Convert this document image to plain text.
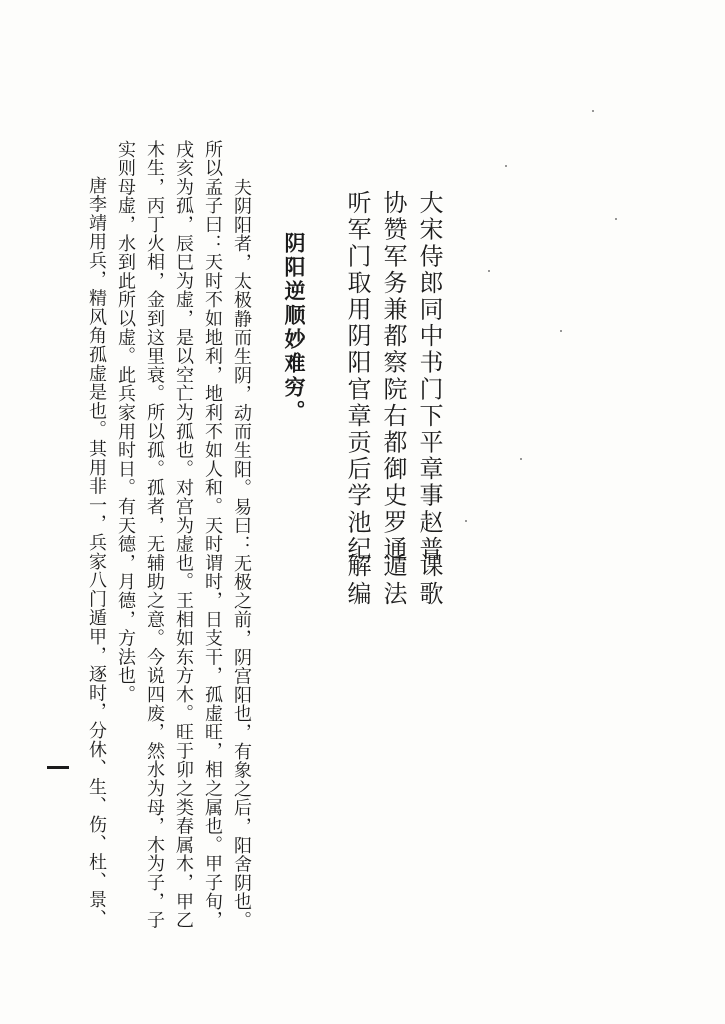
大宋侍郎同中书门下平章事赵普
课歌
协赞军务兼都察院右都御史罗通
遁法
听军门取用阴阳官章贡后学池纪
解编
阴阳逆顺妙难穷。
夫阴阳者，太极静而生阴，动而生阳。易曰：无极之前，阴宫阳也，有象之后，阳舍阴也。
所以孟子曰：天时不如地利，地利不如人和。天时谓时，日支干，孤虚旺，相之属也。甲子旬，
戌亥为孤，辰巳为虚，是以空亡为孤也。对宫为虚也。王相如东方木。旺于卯之类春属木，甲乙
木生，丙丁火相，金到这里衰。所以孤。孤者，无辅助之意。今说四废，然水为母，木为子，子
实则母虚，水到此所以虚。此兵家用时日。有天德，月德，方法也。
唐李靖用兵，精风角孤虚是也。其用非一，兵家八门遁甲，逐时，分休、生、伤、杜、景、
